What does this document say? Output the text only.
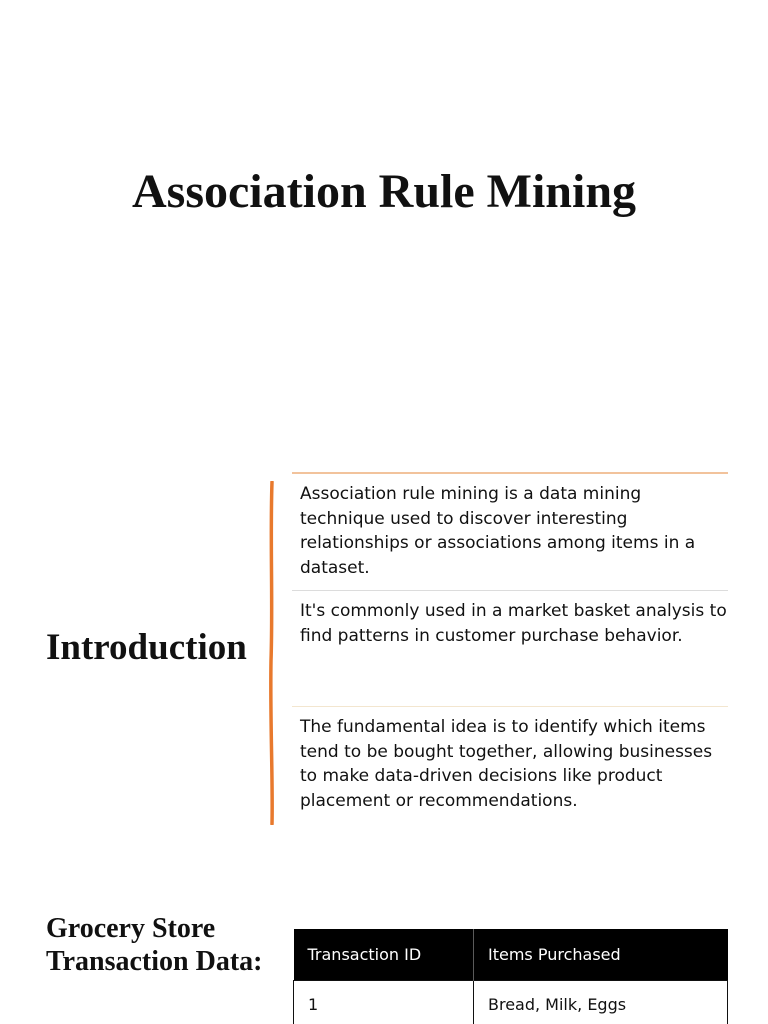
Association Rule Mining
Introduction
Association rule mining is a data mining technique used to discover interesting relationships or associations among items in a dataset.
It's commonly used in a market basket analysis to find patterns in customer purchase behavior.
The fundamental idea is to identify which items tend to be bought together, allowing businesses to make data-driven decisions like product placement or recommendations.
Grocery Store Transaction Data:	Transaction ID	Items Purchased
1	Bread, Milk, Eggs
